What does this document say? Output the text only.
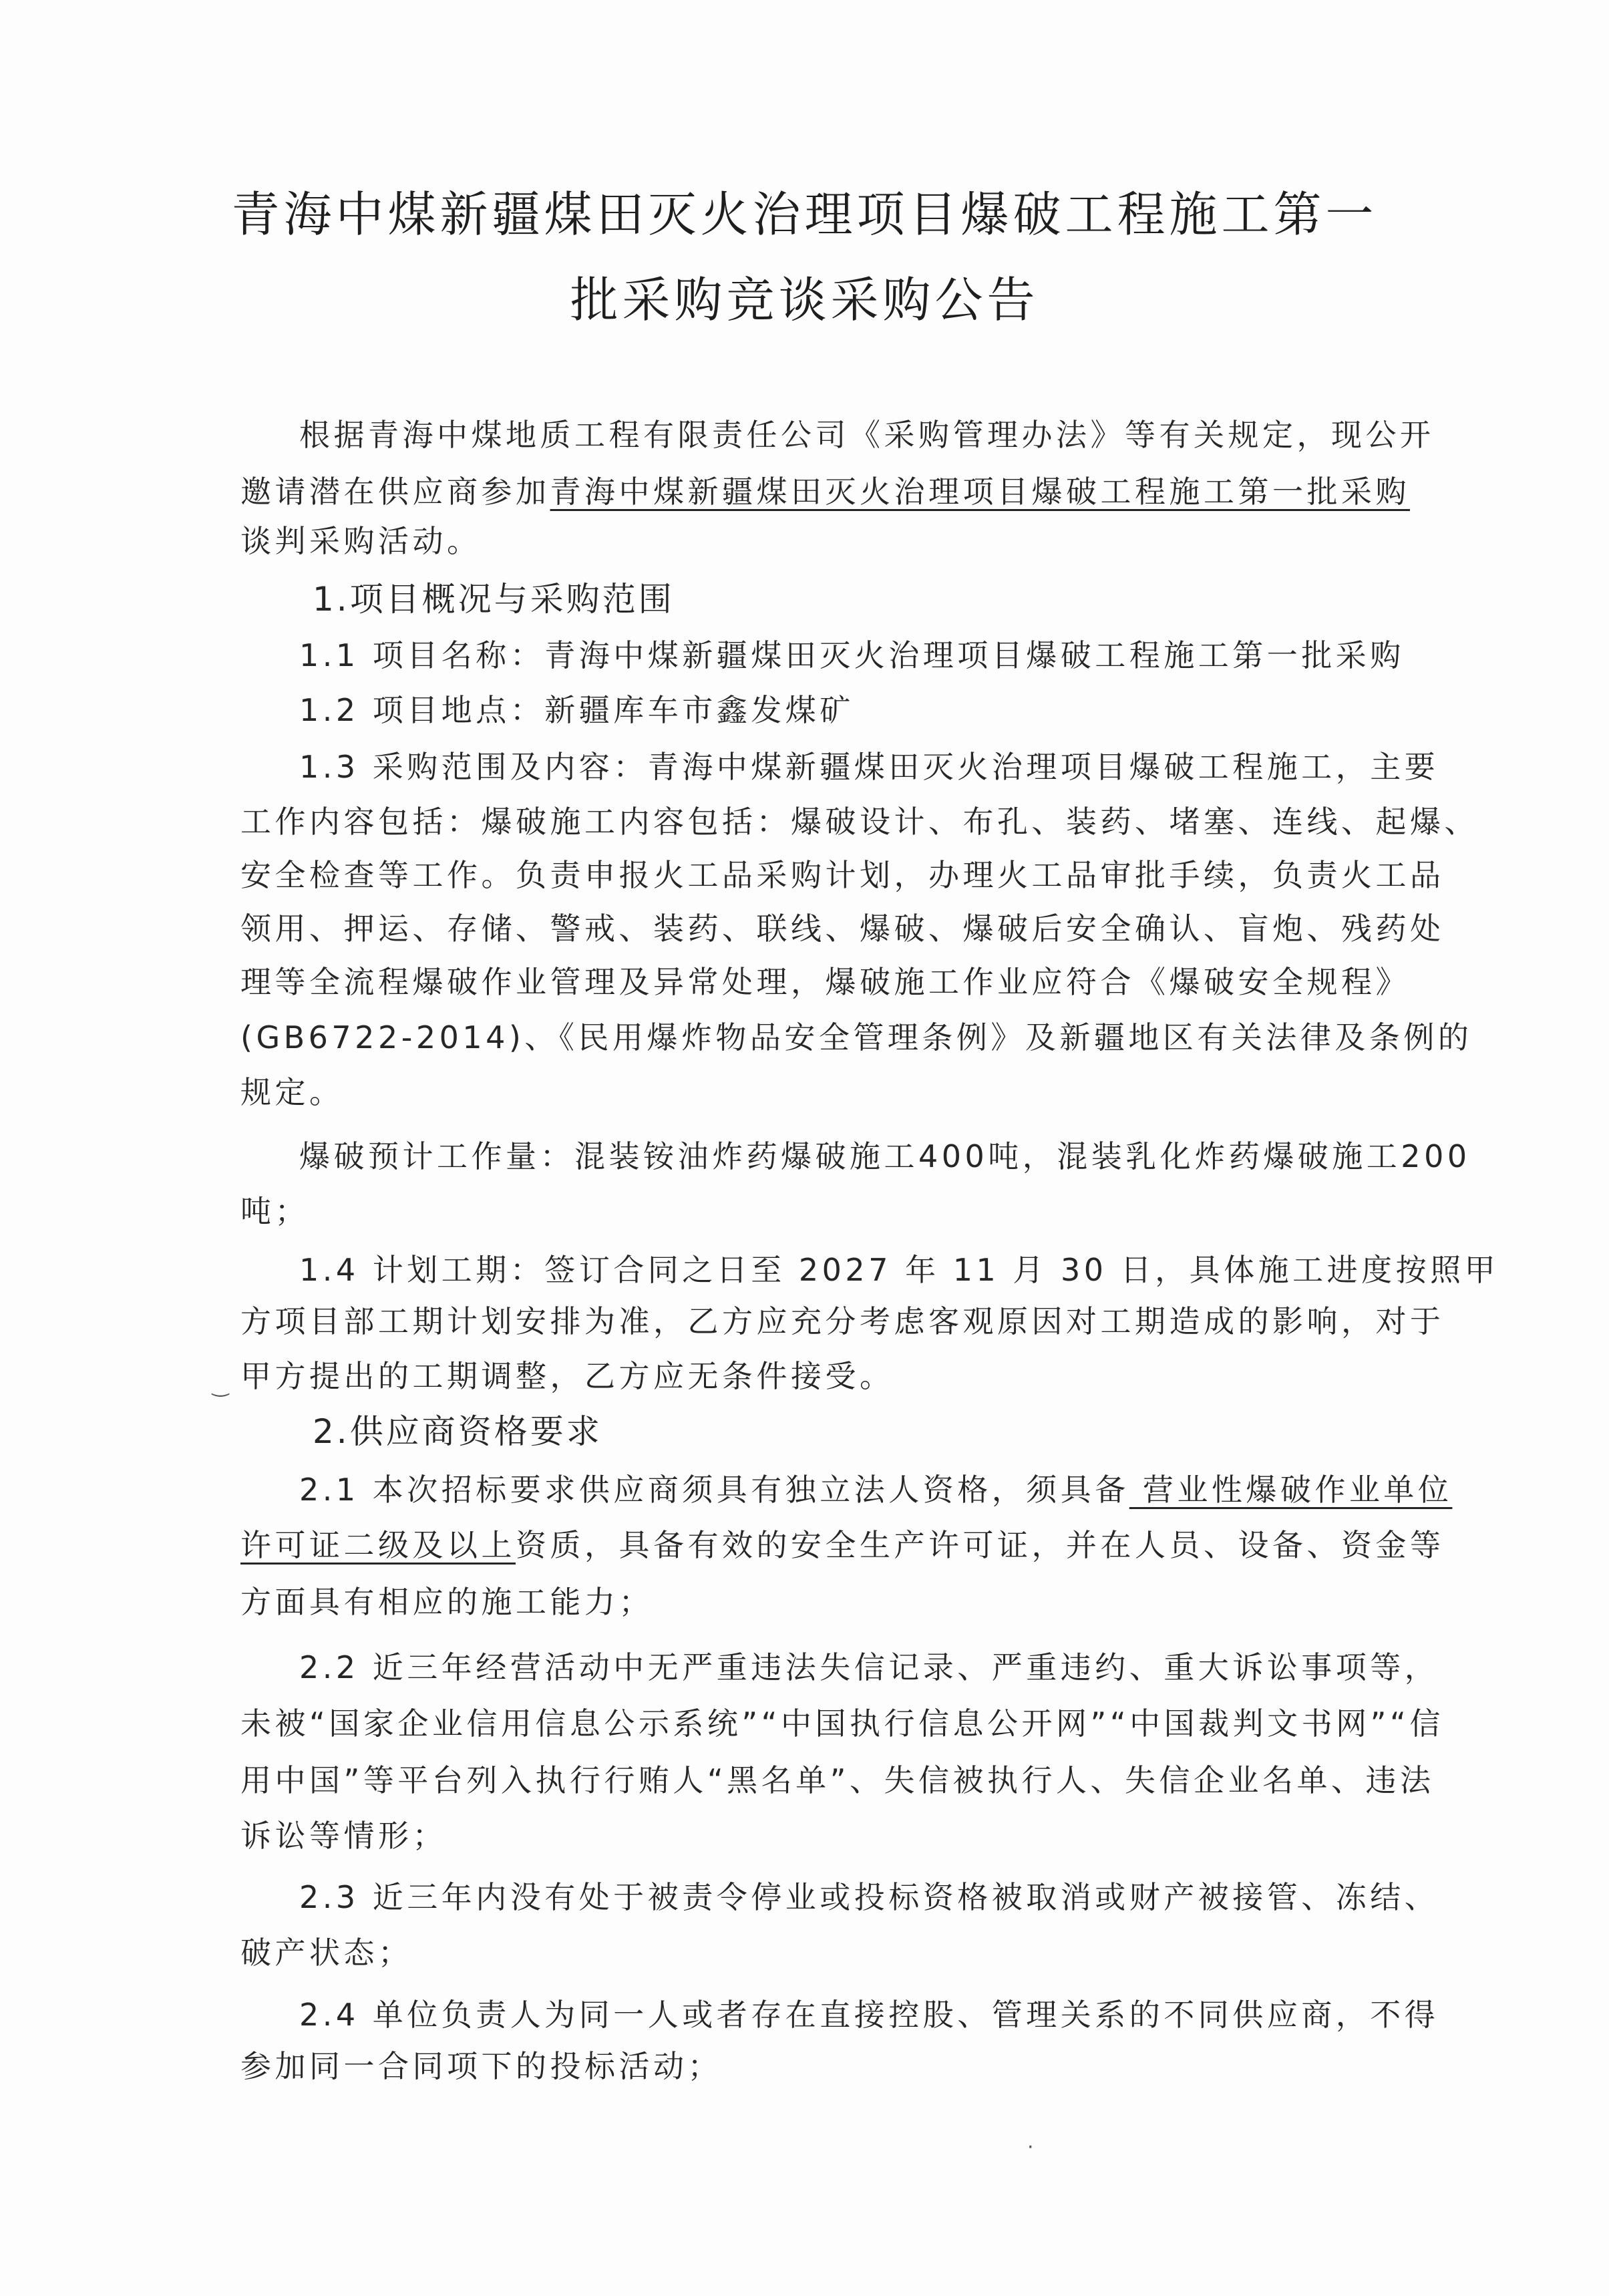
青海中煤新疆煤田灭火治理项目爆破工程施工第一
批采购竞谈采购公告
根据青海中煤地质工程有限责任公司《采购管理办法》等有关规定，现公开
邀请潜在供应商参加青海中煤新疆煤田灭火治理项目爆破工程施工第一批采购
谈判采购活动。
1.项目概况与采购范围
1.1 项目名称：青海中煤新疆煤田灭火治理项目爆破工程施工第一批采购
1.2 项目地点：新疆库车市鑫发煤矿
1.3 采购范围及内容：青海中煤新疆煤田灭火治理项目爆破工程施工，主要
工作内容包括：爆破施工内容包括：爆破设计、布孔、装药、堵塞、连线、起爆、
安全检查等工作。负责申报火工品采购计划，办理火工品审批手续，负责火工品
领用、押运、存储、警戒、装药、联线、爆破、爆破后安全确认、盲炮、残药处
理等全流程爆破作业管理及异常处理，爆破施工作业应符合《爆破安全规程》
(GB6722-2014)、《民用爆炸物品安全管理条例》及新疆地区有关法律及条例的
规定。
爆破预计工作量：混装铵油炸药爆破施工400吨，混装乳化炸药爆破施工200
吨；
1.4 计划工期：签订合同之日至 2027 年 11 月 30 日，具体施工进度按照甲
方项目部工期计划安排为准，乙方应充分考虑客观原因对工期造成的影响，对于
甲方提出的工期调整，乙方应无条件接受。
‿
2.供应商资格要求
2.1 本次招标要求供应商须具有独立法人资格，须具备 营业性爆破作业单位
许可证二级及以上资质，具备有效的安全生产许可证，并在人员、设备、资金等
方面具有相应的施工能力；
2.2 近三年经营活动中无严重违法失信记录、严重违约、重大诉讼事项等，
未被“国家企业信用信息公示系统”“中国执行信息公开网”“中国裁判文书网”“信
用中国”等平台列入执行行贿人“黑名单”、失信被执行人、失信企业名单、违法
诉讼等情形；
2.3 近三年内没有处于被责令停业或投标资格被取消或财产被接管、冻结、
破产状态；
2.4 单位负责人为同一人或者存在直接控股、管理关系的不同供应商，不得
参加同一合同项下的投标活动；
·
